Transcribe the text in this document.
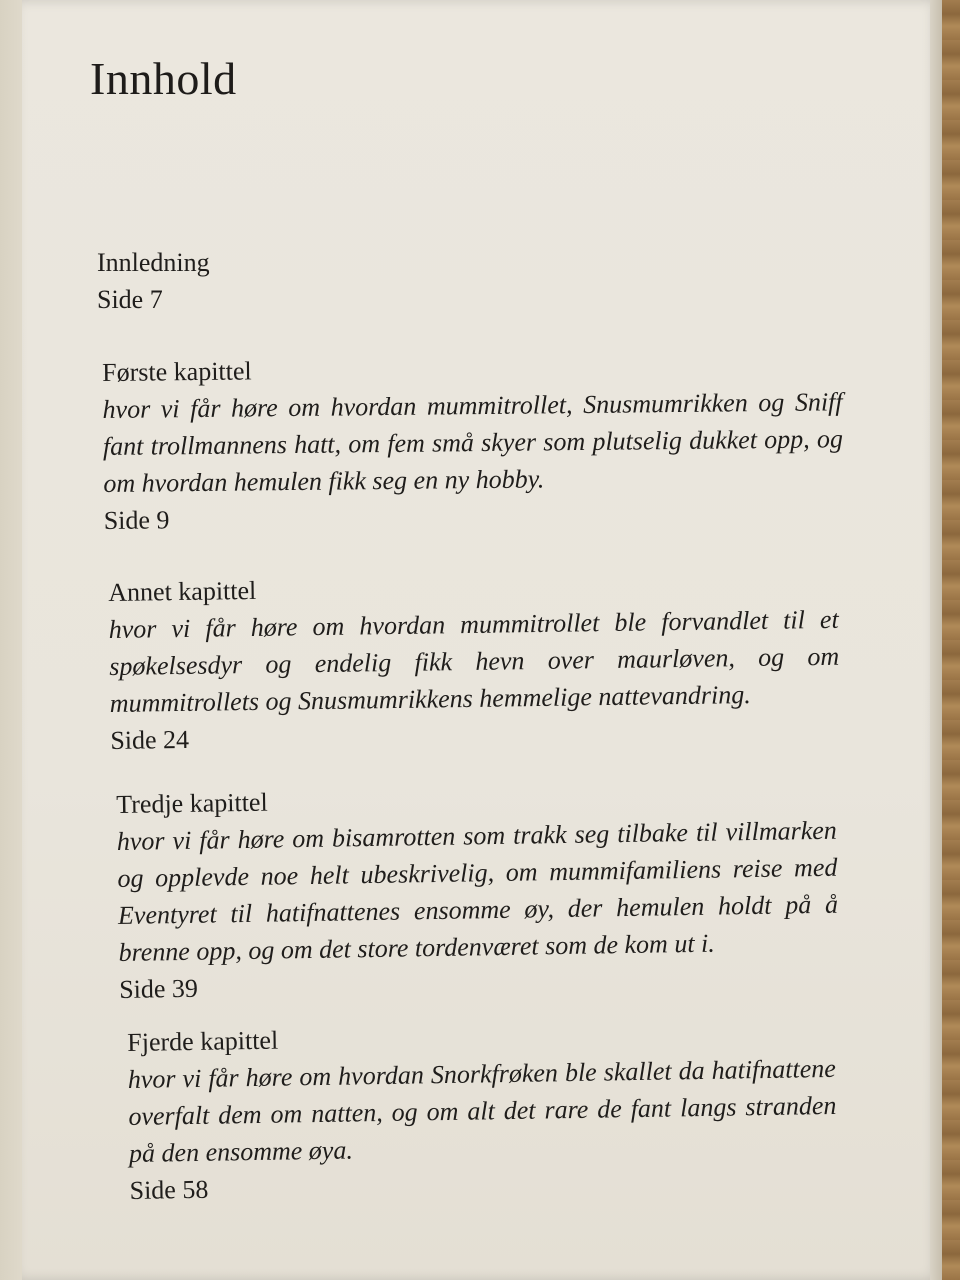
Innhold
Innledning
Side 7
Første kapittel
hvor vi får høre om hvordan mummitrollet, Snusmumrikken og Sniff fant trollmannens hatt, om fem små skyer som plutselig dukket opp, og om hvordan hemulen fikk seg en ny hobby.
Side 9
Annet kapittel
hvor vi får høre om hvordan mummitrollet ble forvandlet til et spøkelsesdyr og endelig fikk hevn over maurløven, og om mummitrollets og Snusmumrikkens hemmelige nattevandring.
Side 24
Tredje kapittel
hvor vi får høre om bisamrotten som trakk seg tilbake til villmarken og opplevde noe helt ubeskrivelig, om mummifamiliens reise med Eventyret til hatifnattenes ensomme øy, der hemulen holdt på å brenne opp, og om det store tordenværet som de kom ut i.
Side 39
Fjerde kapittel
hvor vi får høre om hvordan Snorkfrøken ble skallet da hatifnattene overfalt dem om natten, og om alt det rare de fant langs stranden på den ensomme øya.
Side 58
